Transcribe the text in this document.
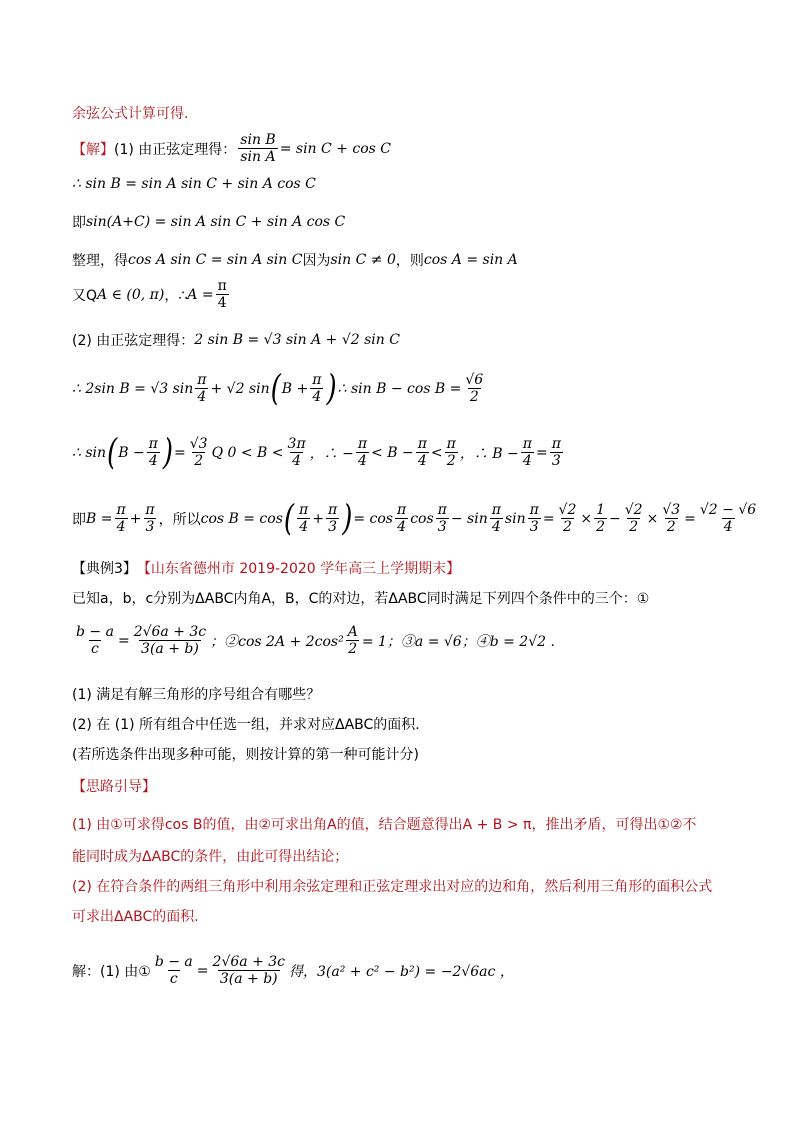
余弦公式计算可得.
【解】 (1) 由正弦定理得： $\frac{\text{sin B}}{\text{sin A}} = \sin C + \cos C$
∴ sin B = sin A sin C + sin A cos C
即 sin(A+C) = sin A sin C + sin A cos C
整理，得 cos A sin C = sin A sin C 因为 sin C ≠ 0 ，则 cos A = sin A
又Q A ∈ (0, π) ，∴ $A = \frac{\pi}{4}$
(2) 由正弦定理得： 2 sin B = √3 sin A + √2 sin C
∴ 2sin B = √3 $\sin \frac{\pi}{4} + √2$ sin ( $B + \frac{\pi}{4}$ ) ∴ $\sin B - \cos B = \frac{√6}{2}$
∴ sin ( $B - \frac{\pi}{4}$ ) = $\frac{√3}{2}$ Q $0 < B < \frac{3\pi}{4}$ ，∴ − $\frac{\pi}{4} < B - \frac{\pi}{4} < \frac{\pi}{2}$ ，∴ $B - \frac{\pi}{4} = \frac{\pi}{3}$
即 $B = \frac{\pi}{4} + \frac{\pi}{3}$ ，所以 cos B = cos ( $\frac{\pi}{4} + \frac{\pi}{3}$ ) = $\cos \frac{\pi}{4}$ $\cos \frac{\pi}{3} - \sin \frac{\pi}{4}$ $\sin \frac{\pi}{3} = \frac{√2}{2} \times \frac{1}{2} - \frac{√2}{2} \times \frac{√3}{2} = \frac{√2 - √6}{4}$
【典例3】 【山东省德州市 2019-2020 学年高三上学期期末】
已知a，b，c分别为ΔABC内角A，B，C的对边，若ΔABC同时满足下列四个条件中的三个：①
$\frac{b - a}{c} = \frac{2√6a + 3c}{3(a + b)}$ ；②cos $2A + 2\cos^2 \frac{A}{2} = 1$；③a = √6；④b = 2√2 .
(1) 满足有解三角形的序号组合有哪些？
(2) 在 (1) 所有组合中任选一组，并求对应ΔABC的面积.
(若所选条件出现多种可能，则按计算的第一种可能计分)
【思路引导】
(1) 由①可求得cos B的值，由②可求出角A的值，结合题意得出A + B > π，推出矛盾，可得出①②不
能同时成为ΔABC的条件，由此可得出结论；
(2) 在符合条件的两组三角形中利用余弦定理和正弦定理求出对应的边和角，然后利用三角形的面积公式
可求出ΔABC的面积.
解：(1) 由① $\frac{b - a}{c} = \frac{2√6a + 3c}{3(a + b)}$ 得，3(a² + c² − b²) = −2√6ac ，
